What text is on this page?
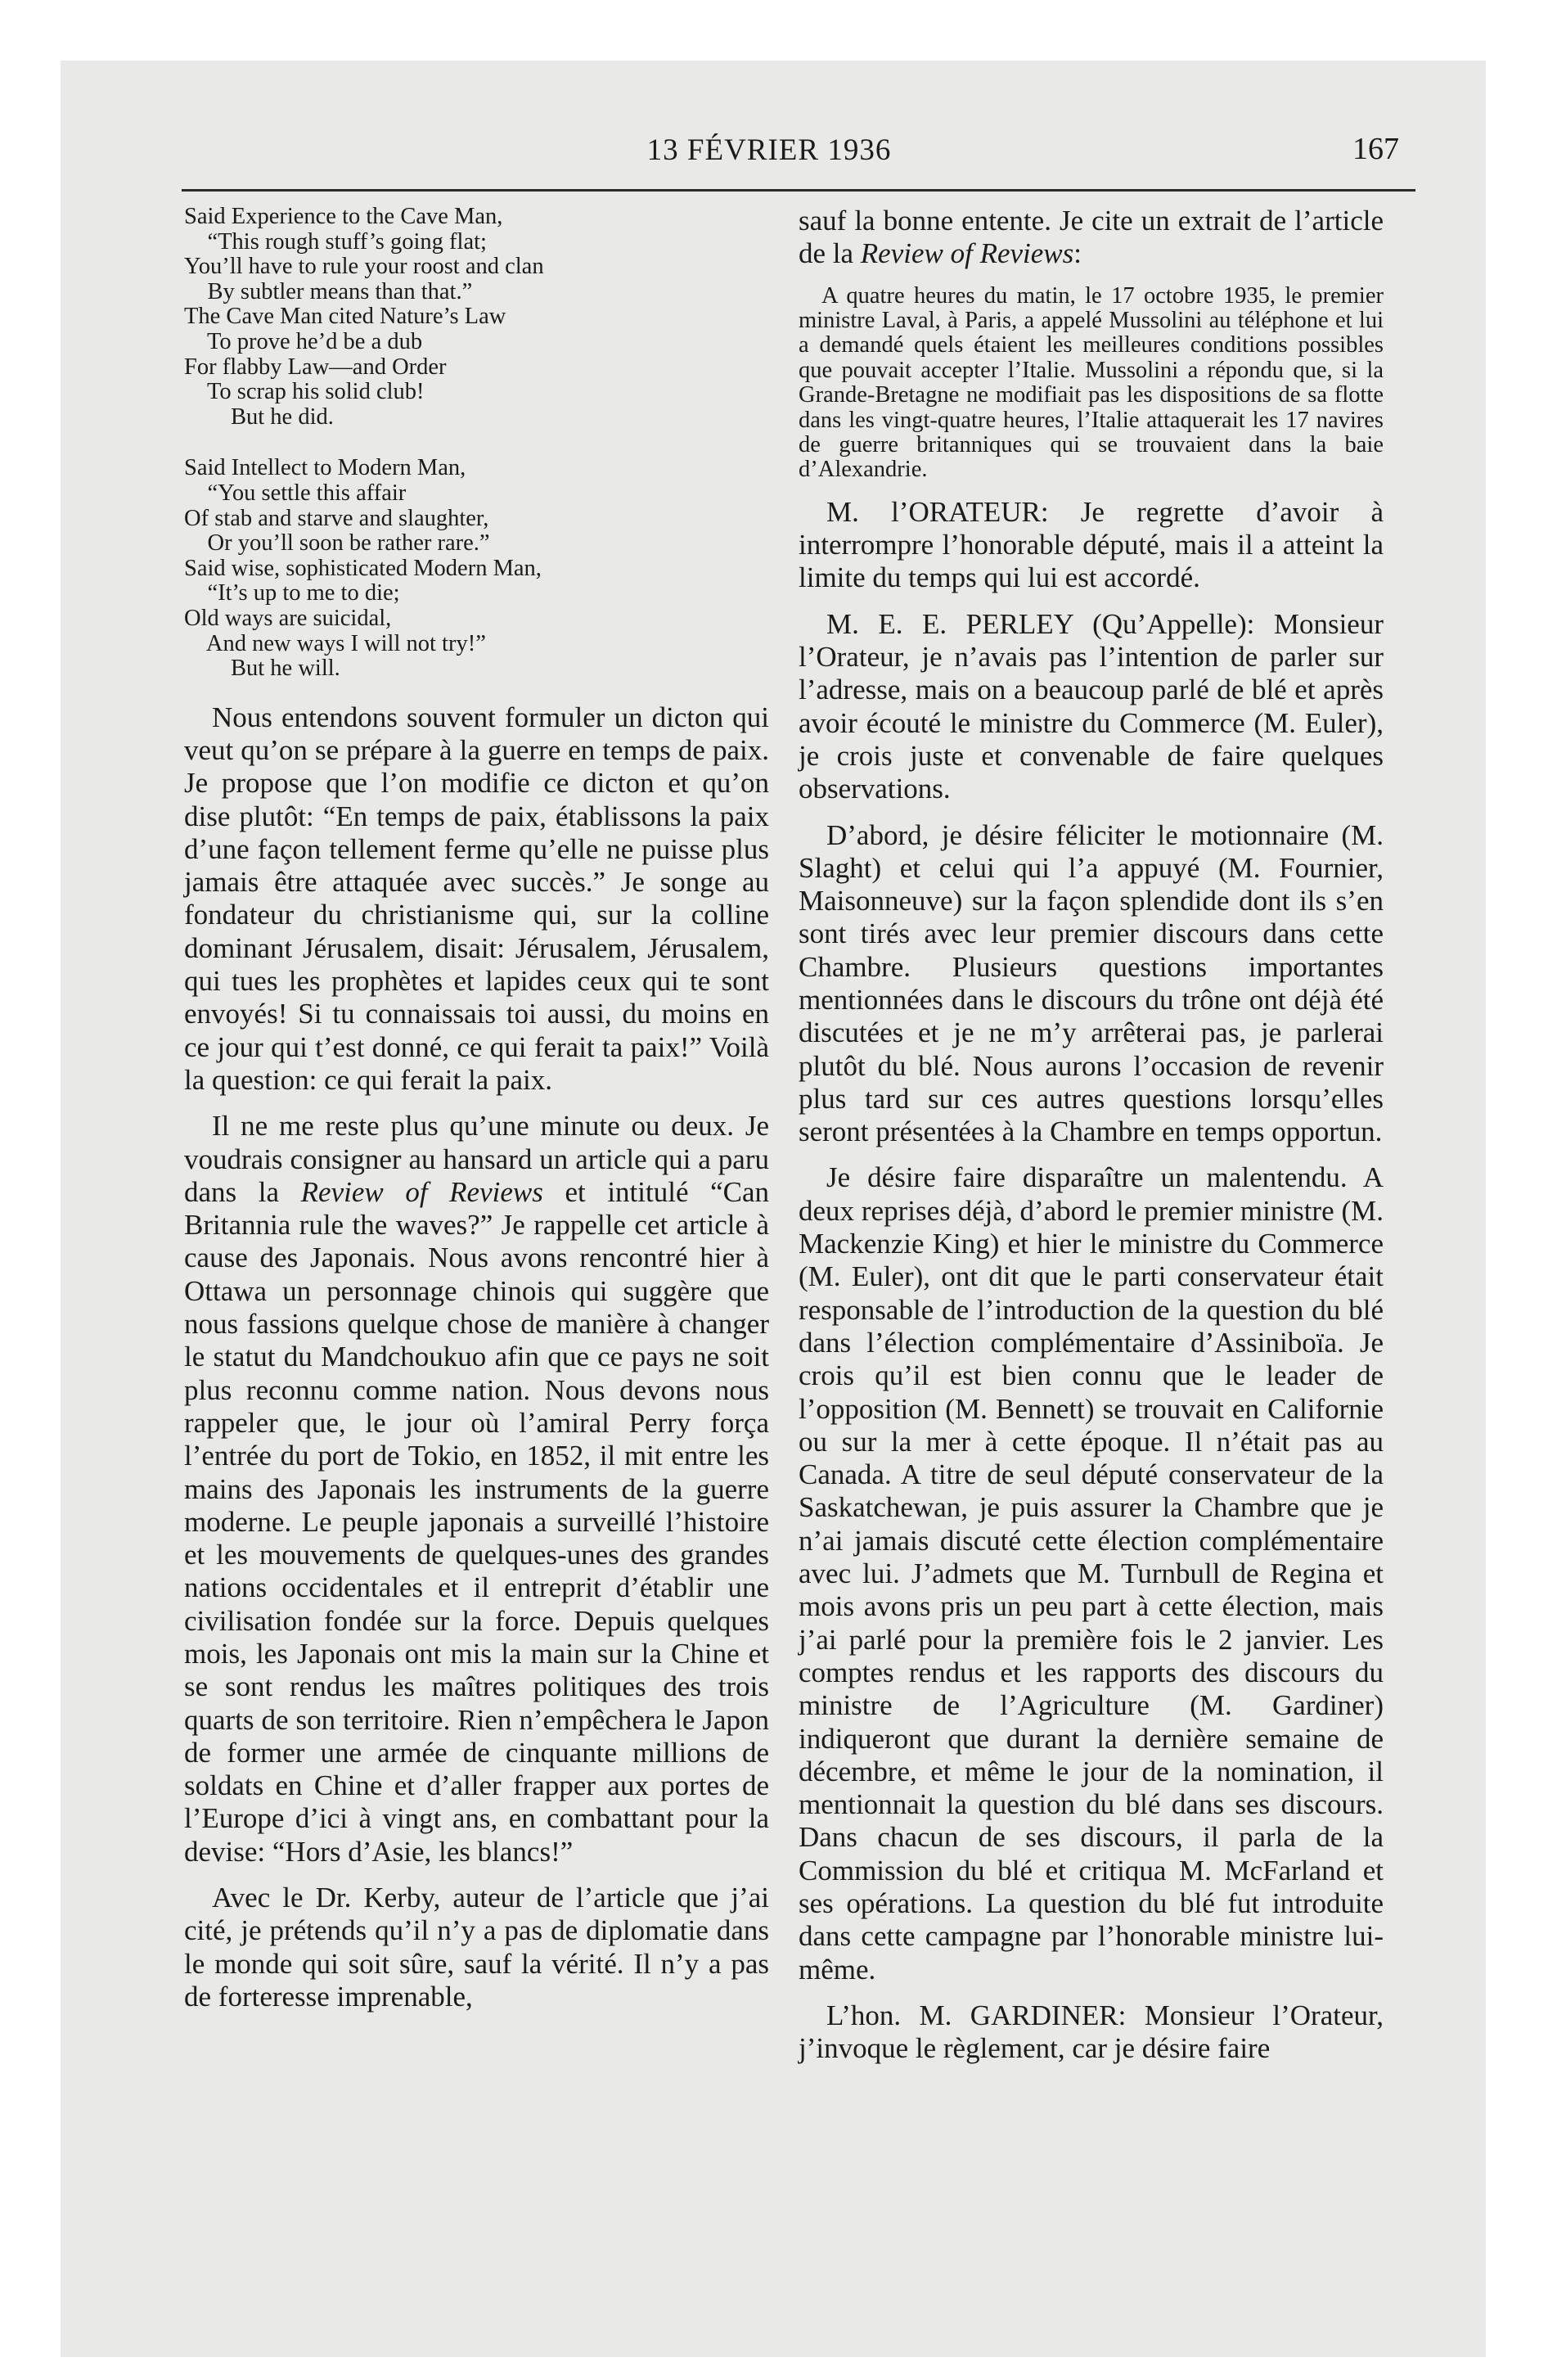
13 FÉVRIER 1936	167
Said Experience to the Cave Man,
“This rough stuff’s going flat;
You’ll have to rule your roost and clan
By subtler means than that.”
The Cave Man cited Nature’s Law
To prove he’d be a dub
For flabby Law—and Order
To scrap his solid club!
But he did.
Said Intellect to Modern Man,
“You settle this affair
Of stab and starve and slaughter,
Or you’ll soon be rather rare.”
Said wise, sophisticated Modern Man,
“It’s up to me to die;
Old ways are suicidal,
And new ways I will not try!”
But he will.

Nous entendons souvent formuler un dicton qui veut qu’on se prépare à la guerre en temps de paix. Je propose que l’on modifie ce dicton et qu’on dise plutôt: “En temps de paix, établissons la paix d’une façon tellement ferme qu’elle ne puisse plus jamais être attaquée avec succès.” Je songe au fondateur du christianisme qui, sur la colline dominant Jérusalem, disait: Jérusalem, Jérusalem, qui tues les prophètes et lapides ceux qui te sont envoyés! Si tu connaissais toi aussi, du moins en ce jour qui t’est donné, ce qui ferait ta paix!” Voilà la question: ce qui ferait la paix.

Il ne me reste plus qu’une minute ou deux. Je voudrais consigner au hansard un article qui a paru dans la Review of Reviews et intitulé “Can Britannia rule the waves?” Je rappelle cet article à cause des Japonais. Nous avons rencontré hier à Ottawa un personnage chinois qui suggère que nous fassions quelque chose de manière à changer le statut du Mandchoukuo afin que ce pays ne soit plus reconnu comme nation. Nous devons nous rappeler que, le jour où l’amiral Perry força l’entrée du port de Tokio, en 1852, il mit entre les mains des Japonais les instruments de la guerre moderne. Le peuple japonais a surveillé l’histoire et les mouvements de quelques-unes des grandes nations occidentales et il entreprit d’établir une civilisation fondée sur la force. Depuis quelques mois, les Japonais ont mis la main sur la Chine et se sont rendus les maîtres politiques des trois quarts de son territoire. Rien n’empêchera le Japon de former une armée de cinquante millions de soldats en Chine et d’aller frapper aux portes de l’Europe d’ici à vingt ans, en combattant pour la devise: “Hors d’Asie, les blancs!”

Avec le Dr. Kerby, auteur de l’article que j’ai cité, je prétends qu’il n’y a pas de diplomatie dans le monde qui soit sûre, sauf la vérité. Il n’y a pas de forteresse imprenable,

sauf la bonne entente. Je cite un extrait de l’article de la Review of Reviews:

A quatre heures du matin, le 17 octobre 1935, le premier ministre Laval, à Paris, a appelé Mussolini au téléphone et lui a demandé quels étaient les meilleures conditions possibles que pouvait accepter l’Italie. Mussolini a répondu que, si la Grande-Bretagne ne modifiait pas les dispositions de sa flotte dans les vingt-quatre heures, l’Italie attaquerait les 17 navires de guerre britanniques qui se trouvaient dans la baie d’Alexandrie.

M. l’ORATEUR: Je regrette d’avoir à interrompre l’honorable député, mais il a atteint la limite du temps qui lui est accordé.

M. E. E. PERLEY (Qu’Appelle): Monsieur l’Orateur, je n’avais pas l’intention de parler sur l’adresse, mais on a beaucoup parlé de blé et après avoir écouté le ministre du Commerce (M. Euler), je crois juste et convenable de faire quelques observations.

D’abord, je désire féliciter le motionnaire (M. Slaght) et celui qui l’a appuyé (M. Fournier, Maisonneuve) sur la façon splendide dont ils s’en sont tirés avec leur premier discours dans cette Chambre. Plusieurs questions importantes mentionnées dans le discours du trône ont déjà été discutées et je ne m’y arrêterai pas, je parlerai plutôt du blé. Nous aurons l’occasion de revenir plus tard sur ces autres questions lorsqu’elles seront présentées à la Chambre en temps opportun.

Je désire faire disparaître un malentendu. A deux reprises déjà, d’abord le premier ministre (M. Mackenzie King) et hier le ministre du Commerce (M. Euler), ont dit que le parti conservateur était responsable de l’introduction de la question du blé dans l’élection complémentaire d’Assiniboïa. Je crois qu’il est bien connu que le leader de l’opposition (M. Bennett) se trouvait en Californie ou sur la mer à cette époque. Il n’était pas au Canada. A titre de seul député conservateur de la Saskatchewan, je puis assurer la Chambre que je n’ai jamais discuté cette élection complémentaire avec lui. J’admets que M. Turnbull de Regina et mois avons pris un peu part à cette élection, mais j’ai parlé pour la première fois le 2 janvier. Les comptes rendus et les rapports des discours du ministre de l’Agriculture (M. Gardiner) indiqueront que durant la dernière semaine de décembre, et même le jour de la nomination, il mentionnait la question du blé dans ses discours. Dans chacun de ses discours, il parla de la Commission du blé et critiqua M. McFarland et ses opérations. La question du blé fut introduite dans cette campagne par l’honorable ministre lui-même.

L’hon. M. GARDINER: Monsieur l’Orateur, j’invoque le règlement, car je désire faire
